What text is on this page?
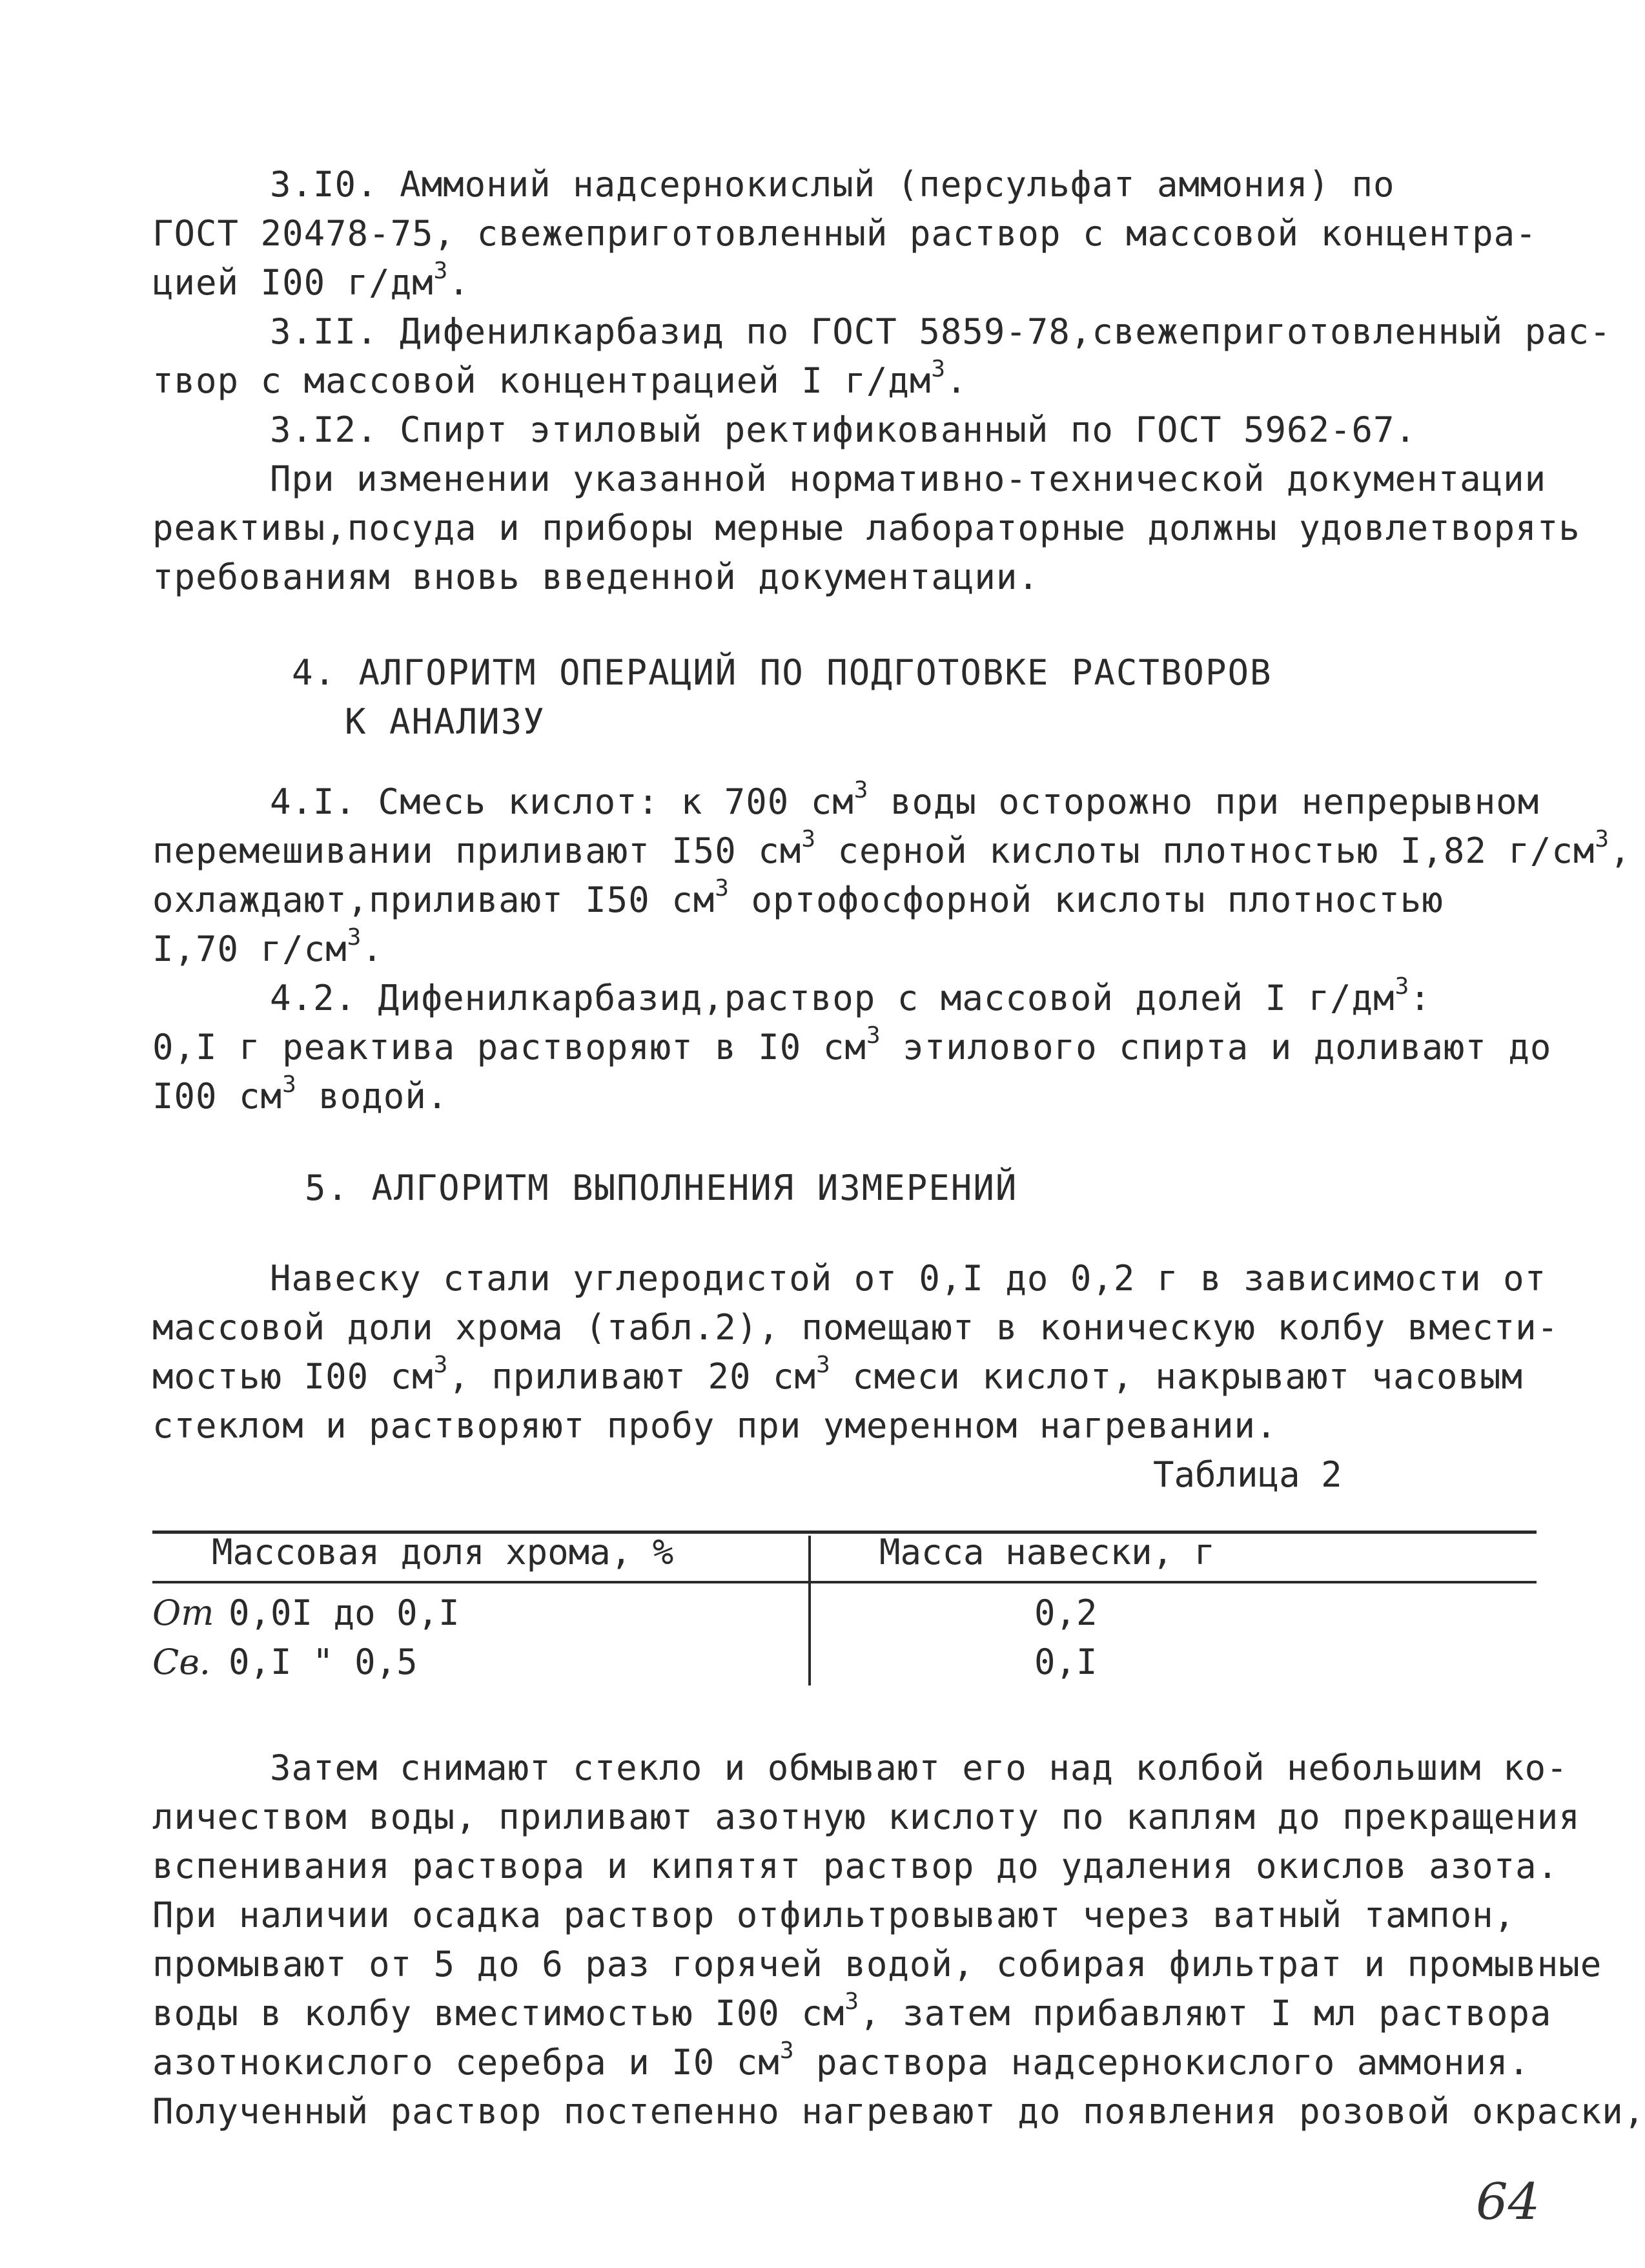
3.I0. Аммоний надсернокислый (персульфат аммония) по
ГОСТ 20478-75, свежеприготовленный раствор с массовой концентра-
цией I00 $г/дм^3$.
3.II. Дифенилкарбазид по ГОСТ 5859-78,свежеприготовленный рас-
твор с массовой концентрацией I $г/дм^3$.
3.I2. Спирт этиловый ректификованный по ГОСТ 5962-67.
При изменении указанной нормативно-технической документации
реактивы,посуда и приборы мерные лабораторные должны удовлетворять
требованиям вновь введенной документации.
4. АЛГОРИТМ ОПЕРАЦИЙ ПО ПОДГОТОВКЕ РАСТВОРОВ
К АНАЛИЗУ
4.I. Смесь кислот: к 700 $см^3$ воды осторожно при непрерывном
перемешивании приливают I50 $см^3$ серной кислоты плотностью I,82 $г/см^3$,
охлаждают,приливают I50 $см^3$ ортофосфорной кислоты плотностью
I,70 $г/см^3$.
4.2. Дифенилкарбазид,раствор с массовой долей I $г/дм^3$:
0,I г реактива растворяют в I0 $см^3$ этилового спирта и доливают до
I00 $см^3$ водой.
5. АЛГОРИТМ ВЫПОЛНЕНИЯ ИЗМЕРЕНИЙ
Навеску стали углеродистой от 0,I до 0,2 г в зависимости от
массовой доли хрома (табл.2), помещают в коническую колбу вмести-
мостью I00 $см^3$, приливают 20 $см^3$ смеси кислот, накрывают часовым
стеклом и растворяют пробу при умеренном нагревании.
Таблица 2
Массовая доля хрома, %	Масса навески, г
От 0,0I до 0,I	0,2
Св. 0,I " 0,5	0,I
Затем снимают стекло и обмывают его над колбой небольшим ко-
личеством воды, приливают азотную кислоту по каплям до прекращения
вспенивания раствора и кипятят раствор до удаления окислов азота.
При наличии осадка раствор отфильтровывают через ватный тампон,
промывают от 5 до 6 раз горячей водой, собирая фильтрат и промывные
воды в колбу вместимостью I00 $см^3$, затем прибавляют I мл раствора
азотнокислого серебра и I0 $см^3$ раствора надсернокислого аммония.
Полученный раствор постепенно нагревают до появления розовой окраски,
64
